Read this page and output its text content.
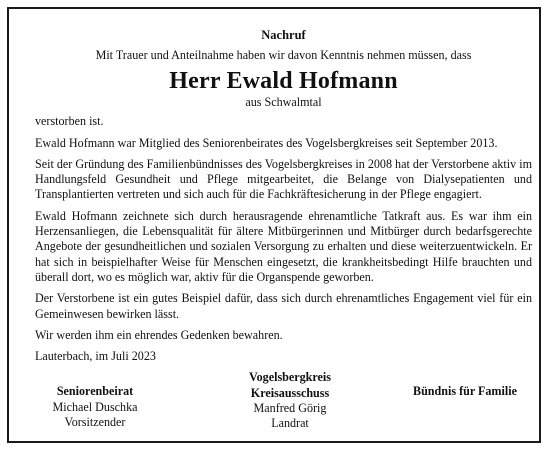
Nachruf
Mit Trauer und Anteilnahme haben wir davon Kenntnis nehmen müssen, dass
Herr Ewald Hofmann
aus Schwalmtal
verstorben ist.
Ewald Hofmann war Mitglied des Seniorenbeirates des Vogelsbergkreises seit September 2013.
Seit der Gründung des Familienbündnisses des Vogelsbergkreises in 2008 hat der Verstorbene aktiv im Handlungsfeld Gesundheit und Pflege mitgearbeitet, die Belange von Dialysepatienten und Transplantierten vertreten und sich auch für die Fachkräftesicherung in der Pflege engagiert.
Ewald Hofmann zeichnete sich durch herausragende ehrenamtliche Tatkraft aus. Es war ihm ein Herzensanliegen, die Lebensqualität für ältere Mitbürgerinnen und Mitbürger durch bedarfsgerechte Angebote der gesundheitlichen und sozialen Versorgung zu erhalten und diese weiterzuentwickeln. Er hat sich in beispielhafter Weise für Menschen eingesetzt, die krankheitsbedingt Hilfe brauchten und überall dort, wo es möglich war, aktiv für die Organspende geworben.
Der Verstorbene ist ein gutes Beispiel dafür, dass sich durch ehrenamtliches Engagement viel für ein Gemeinwesen bewirken lässt.
Wir werden ihm ein ehrendes Gedenken bewahren.
Lauterbach, im Juli 2023
Seniorenbeirat
Michael Duschka
Vorsitzender
Vogelsbergkreis
Kreisausschuss
Manfred Görig
Landrat
Bündnis für Familie
